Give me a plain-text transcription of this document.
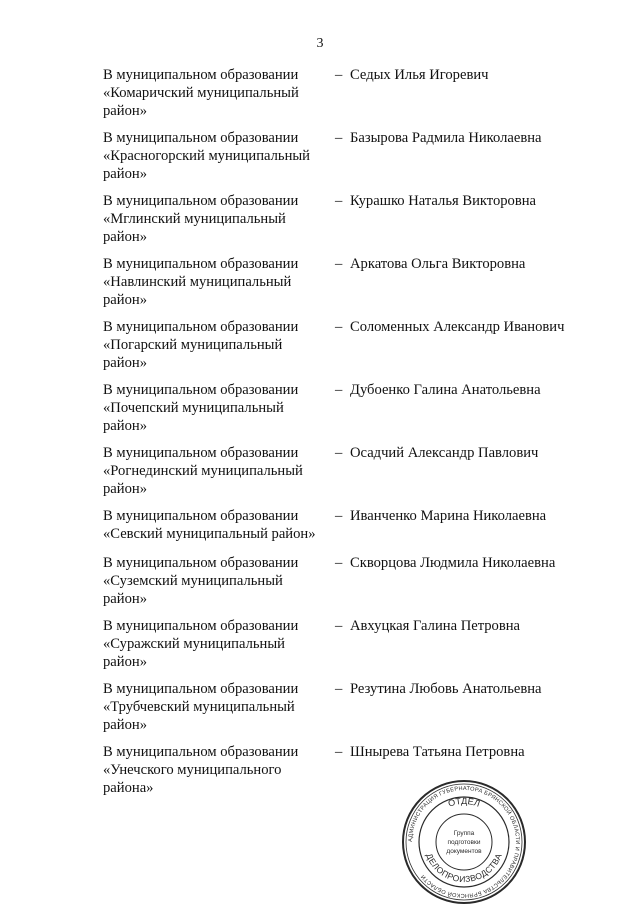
3
В муниципальном образовании
«Комаричский муниципальный
район»
– Седых Илья Игоревич
В муниципальном образовании
«Красногорский муниципальный
район»
– Базырова Радмила Николаевна
В муниципальном образовании
«Мглинский муниципальный
район»
– Курашко Наталья Викторовна
В муниципальном образовании
«Навлинский муниципальный
район»
– Аркатова Ольга Викторовна
В муниципальном образовании
«Погарский муниципальный
район»
– Соломенных Александр Иванович
В муниципальном образовании
«Почепский муниципальный
район»
– Дубоенко Галина Анатольевна
В муниципальном образовании
«Рогнединский муниципальный
район»
– Осадчий Александр Павлович
В муниципальном образовании
«Севский муниципальный район»
– Иванченко Марина Николаевна
В муниципальном образовании
«Суземский муниципальный
район»
– Скворцова Людмила Николаевна
В муниципальном образовании
«Суражский муниципальный
район»
– Авхуцкая Галина Петровна
В муниципальном образовании
«Трубчевский муниципальный
район»
– Резутина Любовь Анатольевна
В муниципальном образовании
«Унечского муниципального
района»
– Шнырева Татьяна Петровна
АДМИНИСТРАЦИЯ ГУБЕРНАТОРА БРЯНСКОЙ ОБЛАСТИ И ПРАВИТЕЛЬСТВА БРЯНСКОЙ ОБЛАСТИ
ОТДЕЛ
ДЕЛОПРОИЗВОДСТВА
Группа
подготовки
документов
